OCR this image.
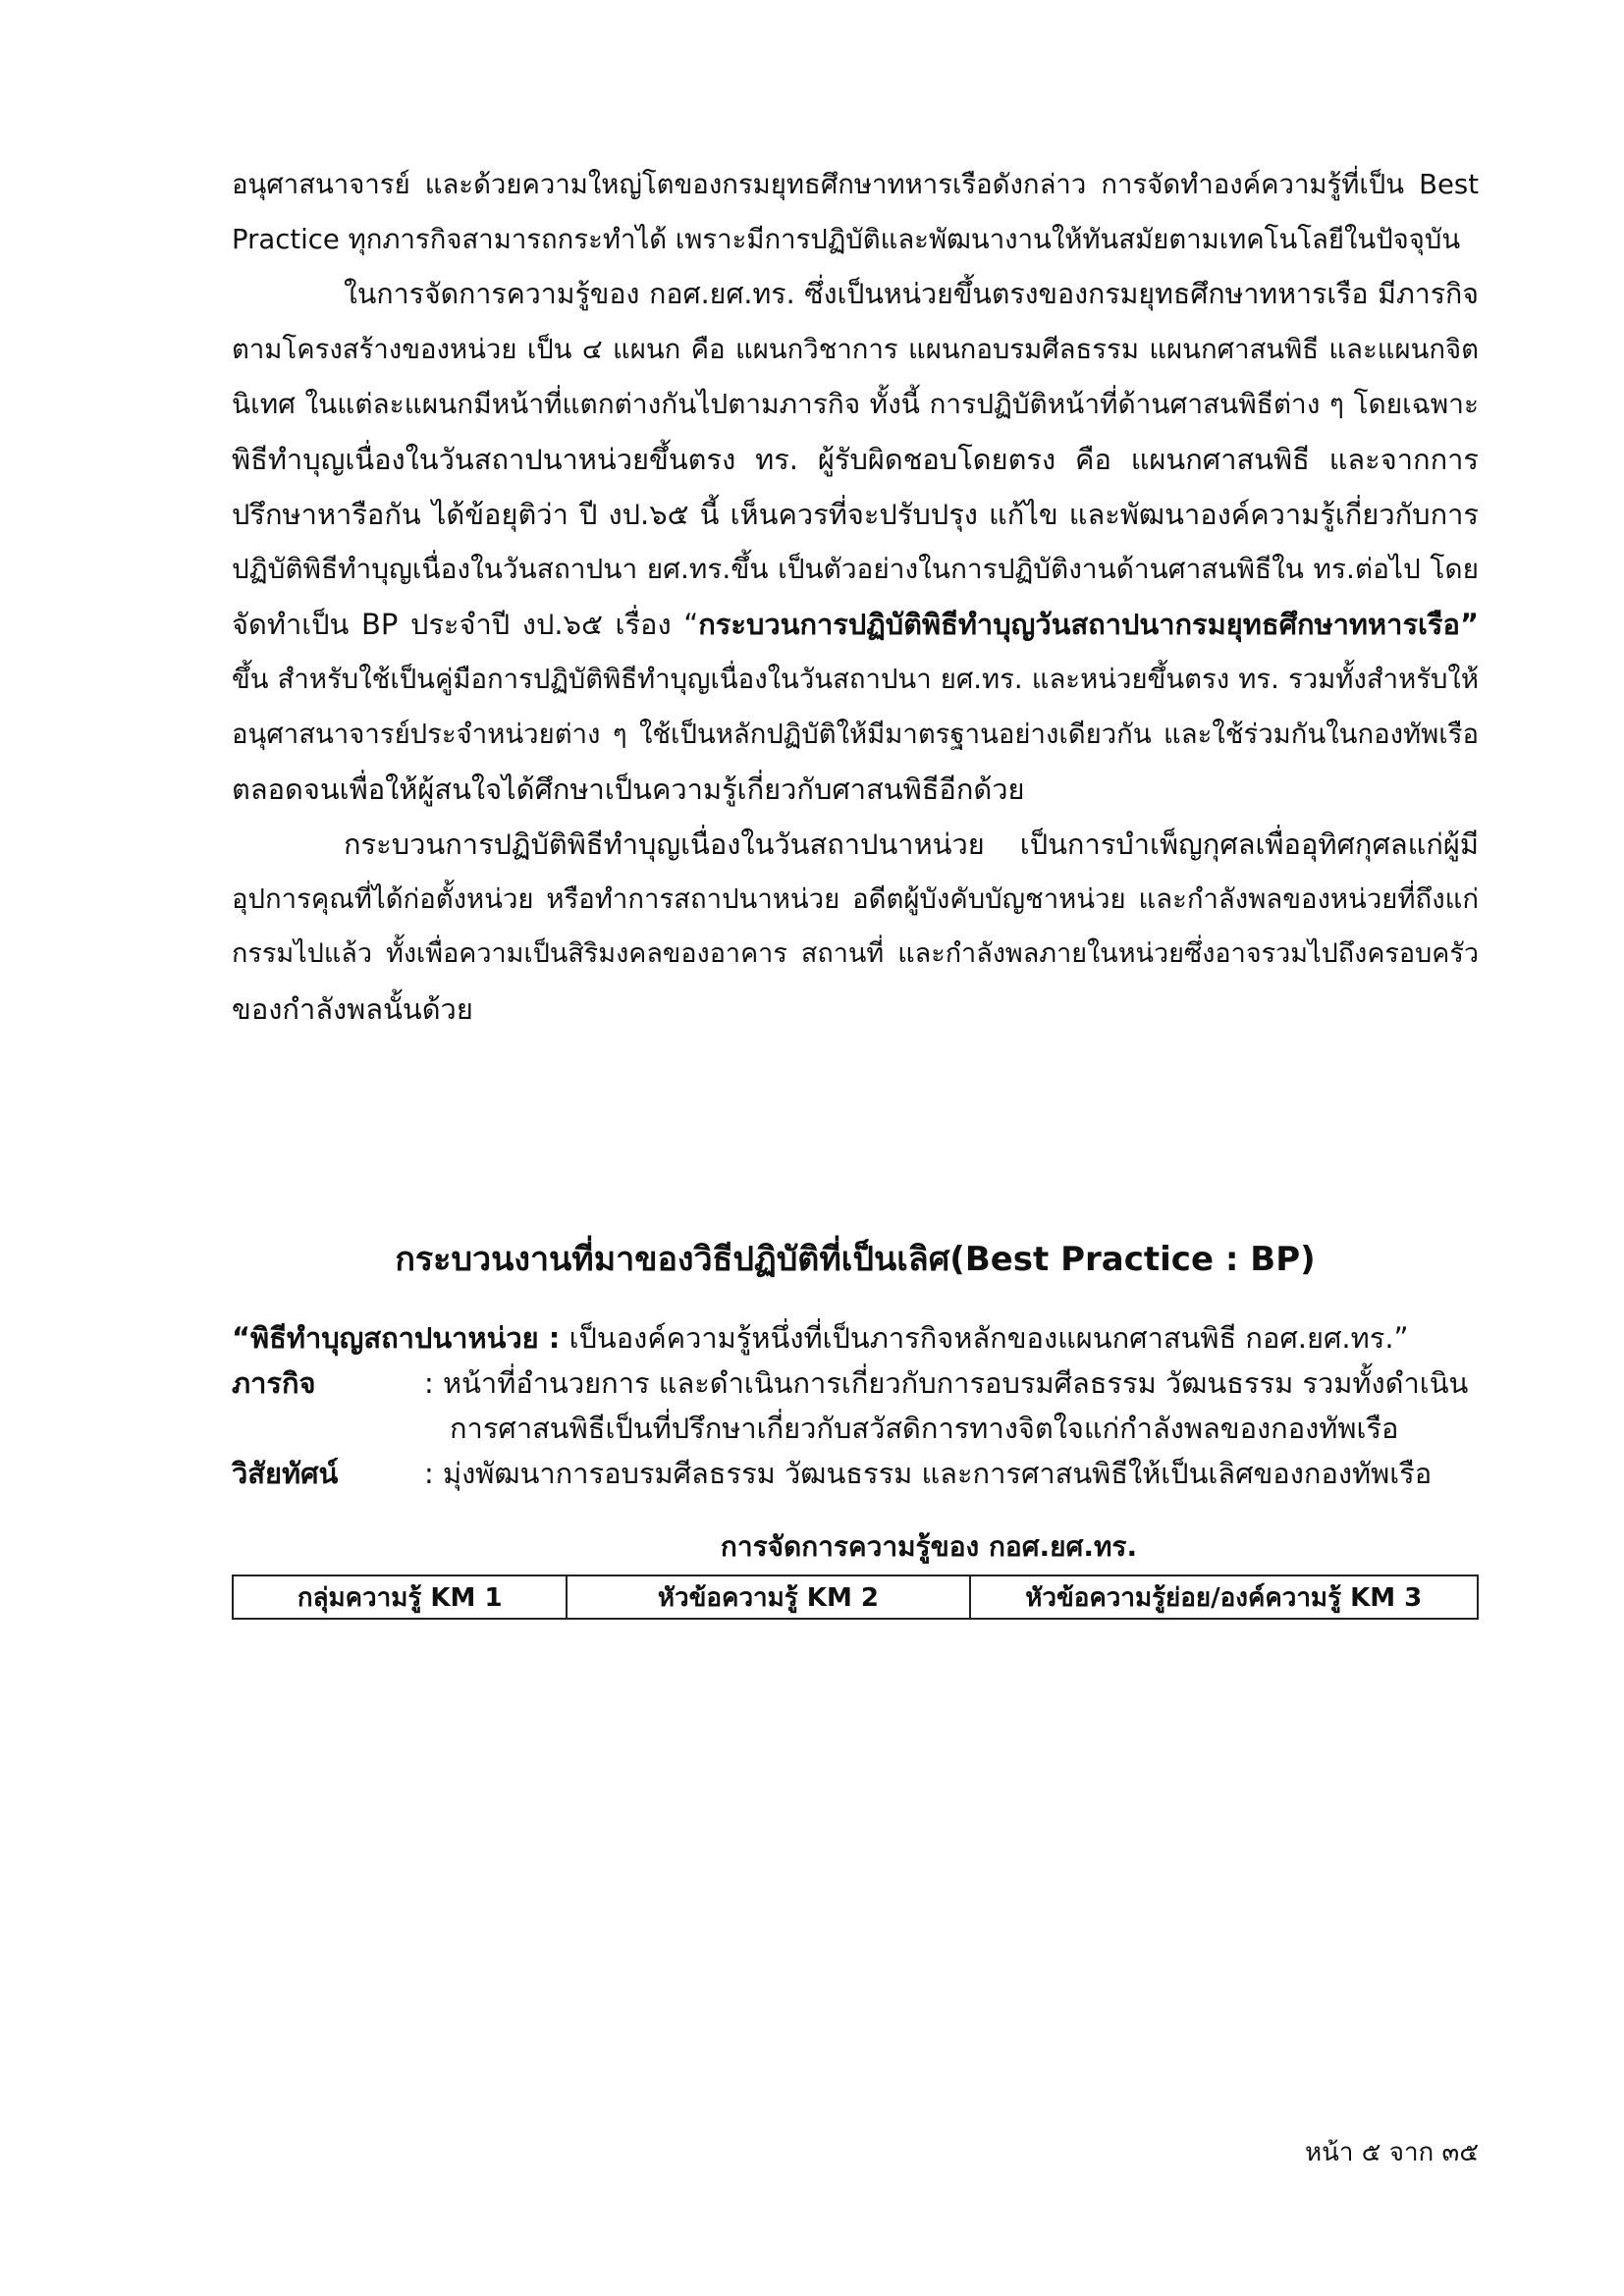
อนุศาสนาจารย์ และด้วยความใหญ่โตของกรมยุทธศึกษาทหารเรือดังกล่าว การจัดทำองค์ความรู้ที่เป็น Best
Practice ทุกภารกิจสามารถกระทำได้ เพราะมีการปฏิบัติและพัฒนางานให้ทันสมัยตามเทคโนโลยีในปัจจุบัน
ในการจัดการความรู้ของ กอศ.ยศ.ทร. ซึ่งเป็นหน่วยขึ้นตรงของกรมยุทธศึกษาทหารเรือ มีภารกิจ
ตามโครงสร้างของหน่วย เป็น ๔ แผนก คือ แผนกวิชาการ แผนกอบรมศีลธรรม แผนกศาสนพิธี และแผนกจิต
นิเทศ ในแต่ละแผนกมีหน้าที่แตกต่างกันไปตามภารกิจ ทั้งนี้ การปฏิบัติหน้าที่ด้านศาสนพิธีต่าง ๆ โดยเฉพาะ
พิธีทำบุญเนื่องในวันสถาปนาหน่วยขึ้นตรง ทร. ผู้รับผิดชอบโดยตรง คือ แผนกศาสนพิธี และจากการ
ปรึกษาหารือกัน ได้ข้อยุติว่า ปี งป.๖๕ นี้ เห็นควรที่จะปรับปรุง แก้ไข และพัฒนาองค์ความรู้เกี่ยวกับการ
ปฏิบัติพิธีทำบุญเนื่องในวันสถาปนา ยศ.ทร.ขึ้น เป็นตัวอย่างในการปฏิบัติงานด้านศาสนพิธีใน ทร.ต่อไป โดย
จัดทำเป็น BP ประจำปี งป.๖๕ เรื่อง “กระบวนการปฏิบัติพิธีทำบุญวันสถาปนากรมยุทธศึกษาทหารเรือ”
ขึ้น สำหรับใช้เป็นคู่มือการปฏิบัติพิธีทำบุญเนื่องในวันสถาปนา ยศ.ทร. และหน่วยขึ้นตรง ทร. รวมทั้งสำหรับให้
อนุศาสนาจารย์ประจำหน่วยต่าง ๆ ใช้เป็นหลักปฏิบัติให้มีมาตรฐานอย่างเดียวกัน และใช้ร่วมกันในกองทัพเรือ
ตลอดจนเพื่อให้ผู้สนใจได้ศึกษาเป็นความรู้เกี่ยวกับศาสนพิธีอีกด้วย
กระบวนการปฏิบัติพิธีทำบุญเนื่องในวันสถาปนาหน่วย เป็นการบำเพ็ญกุศลเพื่ออุทิศกุศลแก่ผู้มี
อุปการคุณที่ได้ก่อตั้งหน่วย หรือทำการสถาปนาหน่วย อดีตผู้บังคับบัญชาหน่วย และกำลังพลของหน่วยที่ถึงแก่
กรรมไปแล้ว ทั้งเพื่อความเป็นสิริมงคลของอาคาร สถานที่ และกำลังพลภายในหน่วยซึ่งอาจรวมไปถึงครอบครัว
ของกำลังพลนั้นด้วย
กระบวนงานที่มาของวิธีปฏิบัติที่เป็นเลิศ(Best Practice : BP)
“พิธีทำบุญสถาปนาหน่วย : เป็นองค์ความรู้หนึ่งที่เป็นภารกิจหลักของแผนกศาสนพิธี กอศ.ยศ.ทร.”
ภารกิจ	: หน้าที่อำนวยการ และดำเนินการเกี่ยวกับการอบรมศีลธรรม วัฒนธรรม รวมทั้งดำเนิน
การศาสนพิธีเป็นที่ปรึกษาเกี่ยวกับสวัสดิการทางจิตใจแก่กำลังพลของกองทัพเรือ
วิสัยทัศน์	: มุ่งพัฒนาการอบรมศีลธรรม วัฒนธรรม และการศาสนพิธีให้เป็นเลิศของกองทัพเรือ
การจัดการความรู้ของ กอศ.ยศ.ทร.
กลุ่มความรู้ KM 1	หัวข้อความรู้ KM 2	หัวข้อความรู้ย่อย/องค์ความรู้ KM 3
หน้า ๕ จาก ๓๕
